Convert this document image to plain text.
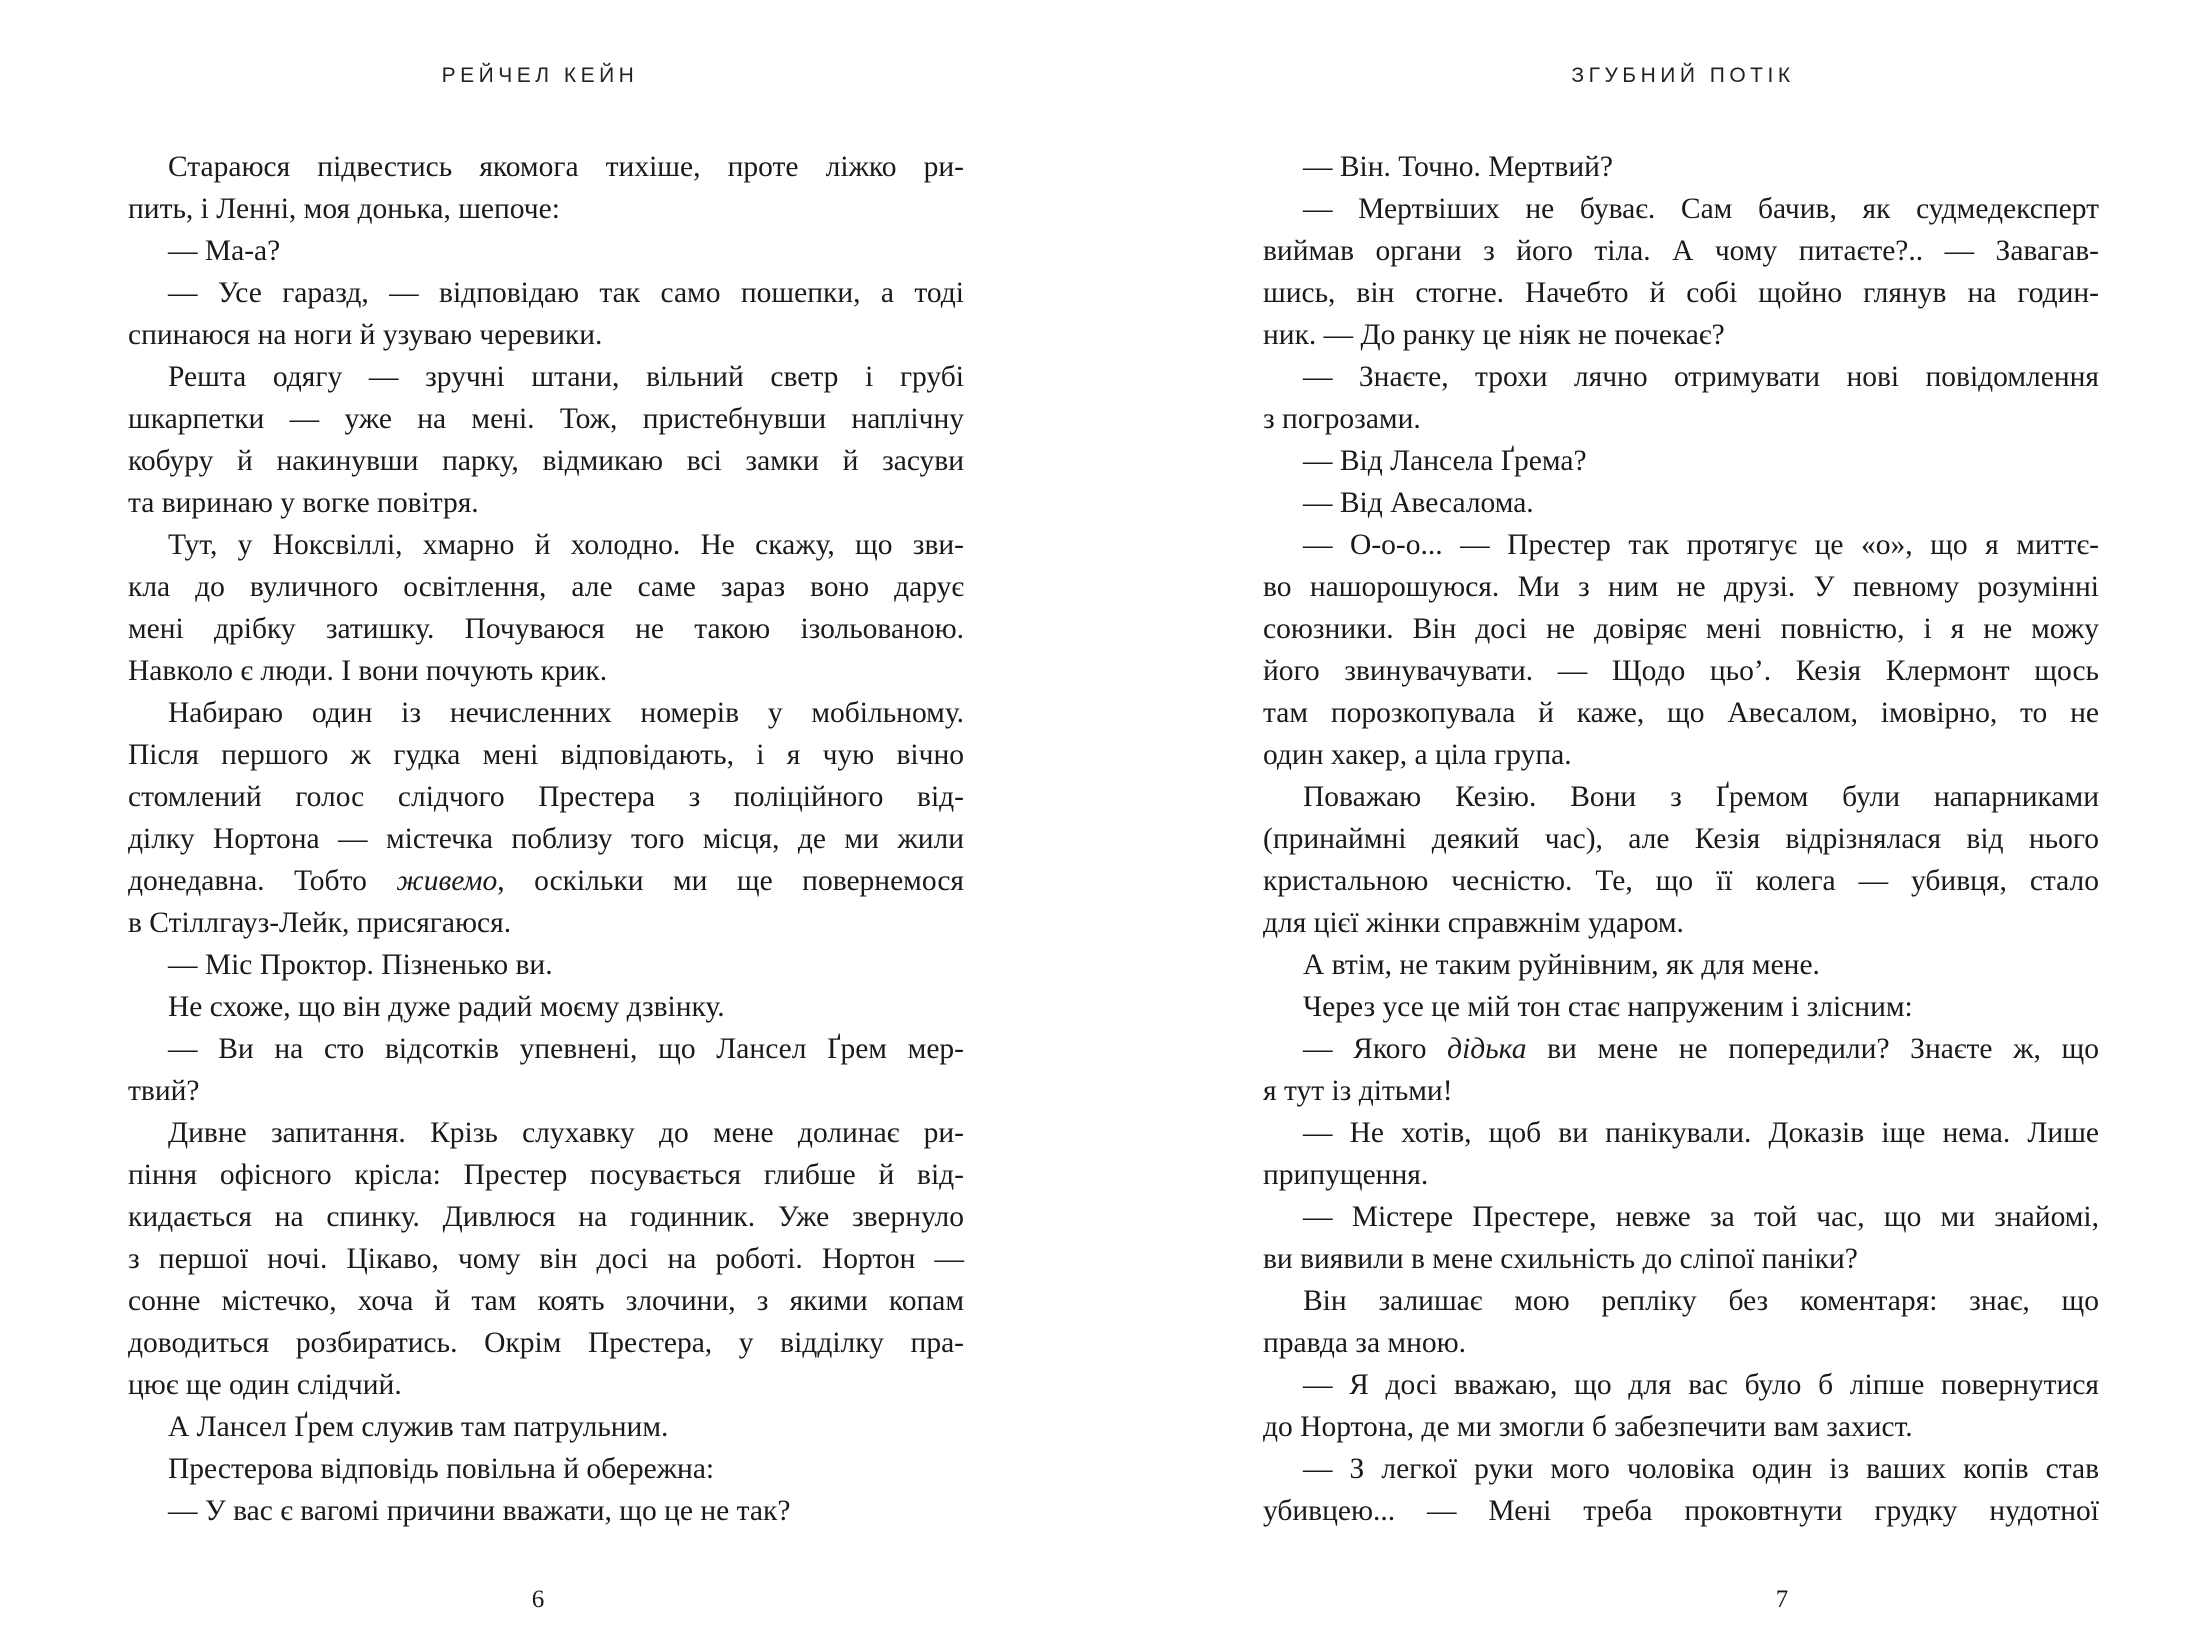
РЕЙЧЕЛ КЕЙН
Стараюся підвестись якомога тихіше, проте ліжко ри-
пить, і Ленні, моя донька, шепоче:
— Ма-а?
— Усе гаразд, — відповідаю так само пошепки, а тоді
спинаюся на ноги й узуваю черевики.
Решта одягу — зручні штани, вільний светр і грубі
шкарпетки — уже на мені. Тож, пристебнувши наплічну
кобуру й накинувши парку, відмикаю всі замки й засуви
та виринаю у вогке повітря.
Тут, у Ноксвіллі, хмарно й холодно. Не скажу, що зви-
кла до вуличного освітлення, але саме зараз воно дарує
мені дрібку затишку. Почуваюся не такою ізольованою.
Навколо є люди. І вони почують крик.
Набираю один із нечисленних номерів у мобільному.
Після першого ж гудка мені відповідають, і я чую вічно
стомлений голос слідчого Престера з поліційного від-
ділку Нортона — містечка поблизу того місця, де ми жили
донедавна. Тобто живемо, оскільки ми ще повернемося
в Стіллгауз-Лейк, присягаюся.
— Міс Проктор. Пізненько ви.
Не схоже, що він дуже радий моєму дзвінку.
— Ви на сто відсотків упевнені, що Лансел Ґрем мер-
твий?
Дивне запитання. Крізь слухавку до мене долинає ри-
піння офісного крісла: Престер посувається глибше й від-
кидається на спинку. Дивлюся на годинник. Уже звернуло
з першої ночі. Цікаво, чому він досі на роботі. Нортон —
сонне містечко, хоча й там коять злочини, з якими копам
доводиться розбиратись. Окрім Престера, у відділку пра-
цює ще один слідчий.
А Лансел Ґрем служив там патрульним.
Престерова відповідь повільна й обережна:
— У вас є вагомі причини вважати, що це не так?
6
ЗГУБНИЙ ПОТІК
— Він. Точно. Мертвий?
— Мертвіших не буває. Сам бачив, як судмедексперт
виймав органи з його тіла. А чому питаєте?.. — Завагав-
шись, він стогне. Начебто й собі щойно глянув на годин-
ник. — До ранку це ніяк не почекає?
— Знаєте, трохи лячно отримувати нові повідомлення
з погрозами.
— Від Лансела Ґрема?
— Від Авесалома.
— О-о-о... — Престер так протягує це «о», що я миттє-
во нашорошуюся. Ми з ним не друзі. У певному розумінні
союзники. Він досі не довіряє мені повністю, і я не можу
його звинувачувати. — Щодо цьо’. Кезія Клермонт щось
там порозкопувала й каже, що Авесалом, імовірно, то не
один хакер, а ціла група.
Поважаю Кезію. Вони з Ґремом були напарниками
(принаймні деякий час), але Кезія відрізнялася від нього
кристальною чесністю. Те, що її колега — убивця, стало
для цієї жінки справжнім ударом.
А втім, не таким руйнівним, як для мене.
Через усе це мій тон стає напруженим і злісним:
— Якого дідька ви мене не попередили? Знаєте ж, що
я тут із дітьми!
— Не хотів, щоб ви панікували. Доказів іще нема. Лише
припущення.
— Містере Престере, невже за той час, що ми знайомі,
ви виявили в мене схильність до сліпої паніки?
Він залишає мою репліку без коментаря: знає, що
правда за мною.
— Я досі вважаю, що для вас було б ліпше повернутися
до Нортона, де ми змогли б забезпечити вам захист.
— З легкої руки мого чоловіка один із ваших копів став
убивцею... — Мені треба проковтнути грудку нудотної
7
